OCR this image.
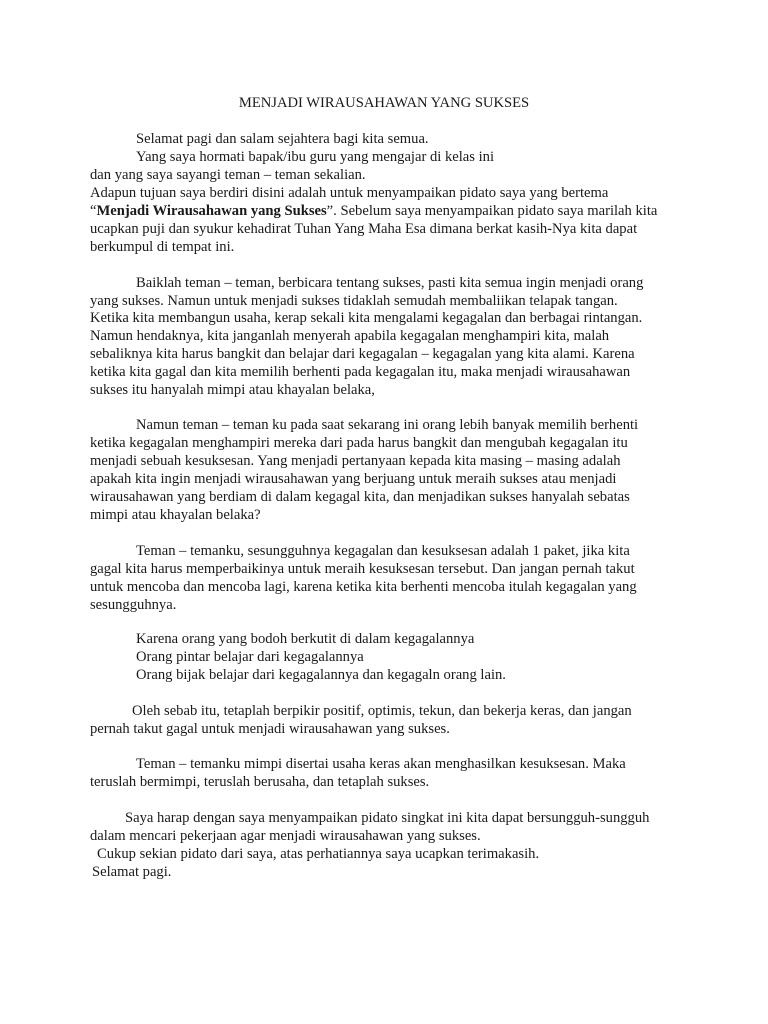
MENJADI WIRAUSAHAWAN YANG SUKSES
Selamat pagi dan salam sejahtera bagi kita semua.
Yang saya hormati bapak/ibu guru yang mengajar di kelas ini
dan yang saya sayangi teman – teman sekalian.
Adapun tujuan saya berdiri disini adalah untuk menyampaikan pidato saya yang bertema
“Menjadi Wirausahawan yang Sukses”. Sebelum saya menyampaikan pidato saya marilah kita
ucapkan puji dan syukur kehadirat Tuhan Yang Maha Esa dimana berkat kasih-Nya kita dapat
berkumpul di tempat ini.
Baiklah teman – teman, berbicara tentang sukses, pasti kita semua ingin menjadi orang
yang sukses. Namun untuk menjadi sukses tidaklah semudah membaliikan telapak tangan.
Ketika kita membangun usaha, kerap sekali kita mengalami kegagalan dan berbagai rintangan.
Namun hendaknya, kita janganlah menyerah apabila kegagalan menghampiri kita, malah
sebaliknya kita harus bangkit dan belajar dari kegagalan – kegagalan yang kita alami. Karena
ketika kita gagal dan kita memilih berhenti pada kegagalan itu, maka menjadi wirausahawan
sukses itu hanyalah mimpi atau khayalan belaka,
Namun teman – teman ku pada saat sekarang ini orang lebih banyak memilih berhenti
ketika kegagalan menghampiri mereka dari pada harus bangkit dan mengubah kegagalan itu
menjadi sebuah kesuksesan. Yang menjadi pertanyaan kepada kita masing – masing adalah
apakah kita ingin menjadi wirausahawan yang berjuang untuk meraih sukses atau menjadi
wirausahawan yang berdiam di dalam kegagal kita, dan menjadikan sukses hanyalah sebatas
mimpi atau khayalan belaka?
Teman – temanku, sesungguhnya kegagalan dan kesuksesan adalah 1 paket, jika kita
gagal kita harus memperbaikinya untuk meraih kesuksesan tersebut. Dan jangan pernah takut
untuk mencoba dan mencoba lagi, karena ketika kita berhenti mencoba itulah kegagalan yang
sesungguhnya.
Karena orang yang bodoh berkutit di dalam kegagalannya
Orang pintar belajar dari kegagalannya
Orang bijak belajar dari kegagalannya dan kegagaln orang lain.
Oleh sebab itu, tetaplah berpikir positif, optimis, tekun, dan bekerja keras, dan jangan
pernah takut gagal untuk menjadi wirausahawan yang sukses.
Teman – temanku mimpi disertai usaha keras akan menghasilkan kesuksesan. Maka
teruslah bermimpi, teruslah berusaha, dan tetaplah sukses.
Saya harap dengan saya menyampaikan pidato singkat ini kita dapat bersungguh-sungguh
dalam mencari pekerjaan agar menjadi wirausahawan yang sukses.
Cukup sekian pidato dari saya, atas perhatiannya saya ucapkan terimakasih.
Selamat pagi.
